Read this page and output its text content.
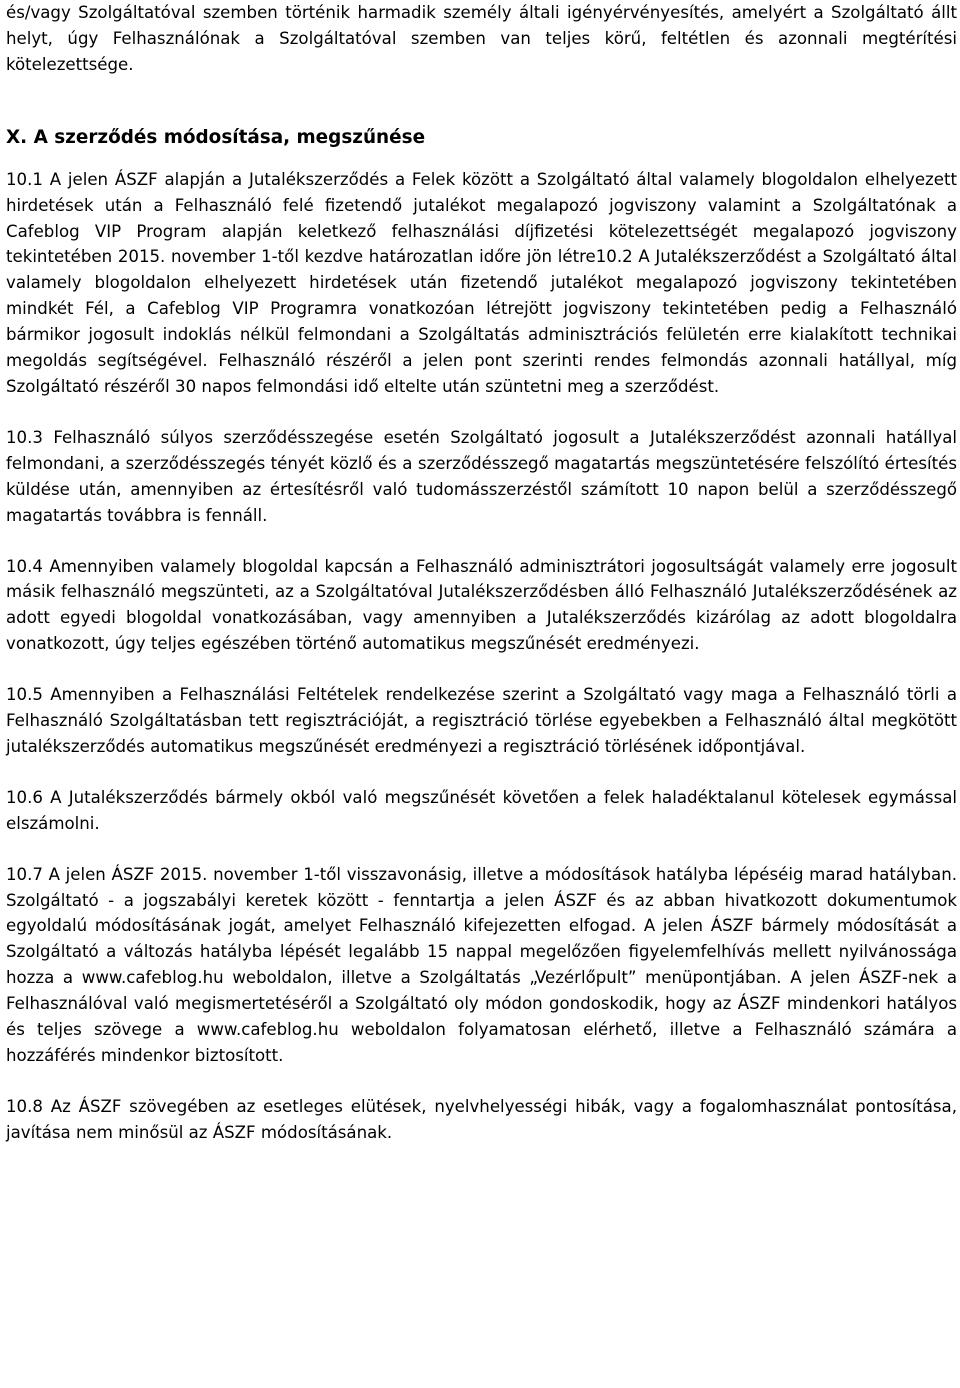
és/vagy Szolgáltatóval szemben történik harmadik személy általi igényérvényesítés, amelyért a Szolgáltató állt helyt, úgy Felhasználónak a Szolgáltatóval szemben van teljes körű, feltétlen és azonnali megtérítési kötelezettsége.

X. A szerződés módosítása, megszűnése

10.1 A jelen ÁSZF alapján a Jutalékszerződés a Felek között a Szolgáltató által valamely blogoldalon elhelyezett hirdetések után a Felhasználó felé fizetendő jutalékot megalapozó jogviszony valamint a Szolgáltatónak a Cafeblog VIP Program alapján keletkező felhasználási díjfizetési kötelezettségét megalapozó jogviszony tekintetében 2015. november 1-től kezdve határozatlan időre jön létre10.2 A Jutalékszerződést a Szolgáltató által valamely blogoldalon elhelyezett hirdetések után fizetendő jutalékot megalapozó jogviszony tekintetében mindkét Fél, a Cafeblog VIP Programra vonatkozóan létrejött jogviszony tekintetében pedig a Felhasználó bármikor jogosult indoklás nélkül felmondani a Szolgáltatás adminisztrációs felületén erre kialakított technikai megoldás segítségével. Felhasználó részéről a jelen pont szerinti rendes felmondás azonnali hatállyal, míg Szolgáltató részéről 30 napos felmondási idő eltelte után szüntetni meg a szerződést.

10.3 Felhasználó súlyos szerződésszegése esetén Szolgáltató jogosult a Jutalékszerződést azonnali hatállyal felmondani, a szerződésszegés tényét közlő és a szerződésszegő magatartás megszüntetésére felszólító értesítés küldése után, amennyiben az értesítésről való tudomásszerzéstől számított 10 napon belül a szerződésszegő magatartás továbbra is fennáll.

10.4 Amennyiben valamely blogoldal kapcsán a Felhasználó adminisztrátori jogosultságát valamely erre jogosult másik felhasználó megszünteti, az a Szolgáltatóval Jutalékszerződésben álló Felhasználó Jutalékszerződésének az adott egyedi blogoldal vonatkozásában, vagy amennyiben a Jutalékszerződés kizárólag az adott blogoldalra vonatkozott, úgy teljes egészében történő automatikus megszűnését eredményezi.

10.5 Amennyiben a Felhasználási Feltételek rendelkezése szerint a Szolgáltató vagy maga a Felhasználó törli a Felhasználó Szolgáltatásban tett regisztrációját, a regisztráció törlése egyebekben a Felhasználó által megkötött jutalékszerződés automatikus megszűnését eredményezi a regisztráció törlésének időpontjával.

10.6 A Jutalékszerződés bármely okból való megszűnését követően a felek haladéktalanul kötelesek egymással elszámolni.

10.7 A jelen ÁSZF 2015. november 1-től visszavonásig, illetve a módosítások hatályba lépéséig marad hatályban. Szolgáltató - a jogszabályi keretek között - fenntartja a jelen ÁSZF és az abban hivatkozott dokumentumok egyoldalú módosításának jogát, amelyet Felhasználó kifejezetten elfogad. A jelen ÁSZF bármely módosítását a Szolgáltató a változás hatályba lépését legalább 15 nappal megelőzően figyelemfelhívás mellett nyilvánossága hozza a www.cafeblog.hu weboldalon, illetve a Szolgáltatás „Vezérlőpult” menüpontjában. A jelen ÁSZF-nek a Felhasználóval való megismertetéséről a Szolgáltató oly módon gondoskodik, hogy az ÁSZF mindenkori hatályos és teljes szövege a www.cafeblog.hu weboldalon folyamatosan elérhető, illetve a Felhasználó számára a hozzáférés mindenkor biztosított.

10.8 Az ÁSZF szövegében az esetleges elütések, nyelvhelyességi hibák, vagy a fogalomhasználat pontosítása, javítása nem minősül az ÁSZF módosításának.
